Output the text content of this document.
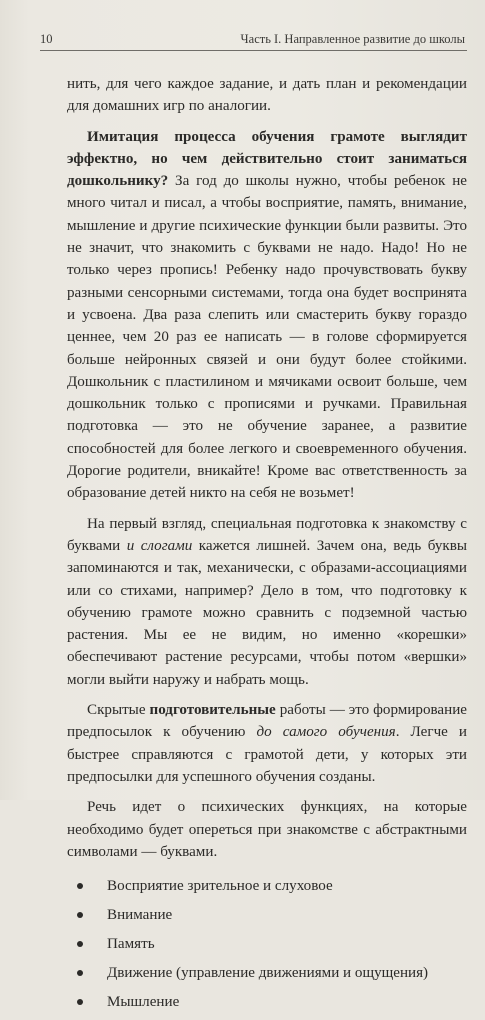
10	Часть I. Направленное развитие до школы

нить, для чего каждое задание, и дать план и рекомендации для домашних игр по аналогии.

Имитация процесса обучения грамоте выглядит эффектно, но чем действительно стоит заниматься дошкольнику? За год до школы нужно, чтобы ребенок не много читал и писал, а чтобы восприятие, память, внимание, мышление и другие психические функции были развиты. Это не значит, что знакомить с буквами не надо. Надо! Но не только через пропись! Ребенку надо прочувствовать букву разными сенсорными системами, тогда она будет воспринята и усвоена. Два раза слепить или смастерить букву гораздо ценнее, чем 20 раз ее написать — в голове сформируется больше нейронных связей и они будут более стойкими. Дошкольник с пластилином и мячиками освоит больше, чем дошкольник только с прописями и ручками. Правильная подготовка — это не обучение заранее, а развитие способностей для более легкого и своевременного обучения. Дорогие родители, вникайте! Кроме вас ответственность за образование детей никто на себя не возьмет!

На первый взгляд, специальная подготовка к знакомству с буквами и слогами кажется лишней. Зачем она, ведь буквы запоминаются и так, механически, с образами-ассоциациями или со стихами, например? Дело в том, что подготовку к обучению грамоте можно сравнить с подземной частью растения. Мы ее не видим, но именно «корешки» обеспечивают растение ресурсами, чтобы потом «вершки» могли выйти наружу и набрать мощь.

Скрытые подготовительные работы — это формирование предпосылок к обучению до самого обучения. Легче и быстрее справляются с грамотой дети, у которых эти предпосылки для успешного обучения созданы.

Речь идет о психических функциях, на которые необходимо будет опереться при знакомстве с абстрактными символами — буквами.

Восприятие зрительное и слуховое
Внимание
Память
Движение (управление движениями и ощущения)
Мышление
